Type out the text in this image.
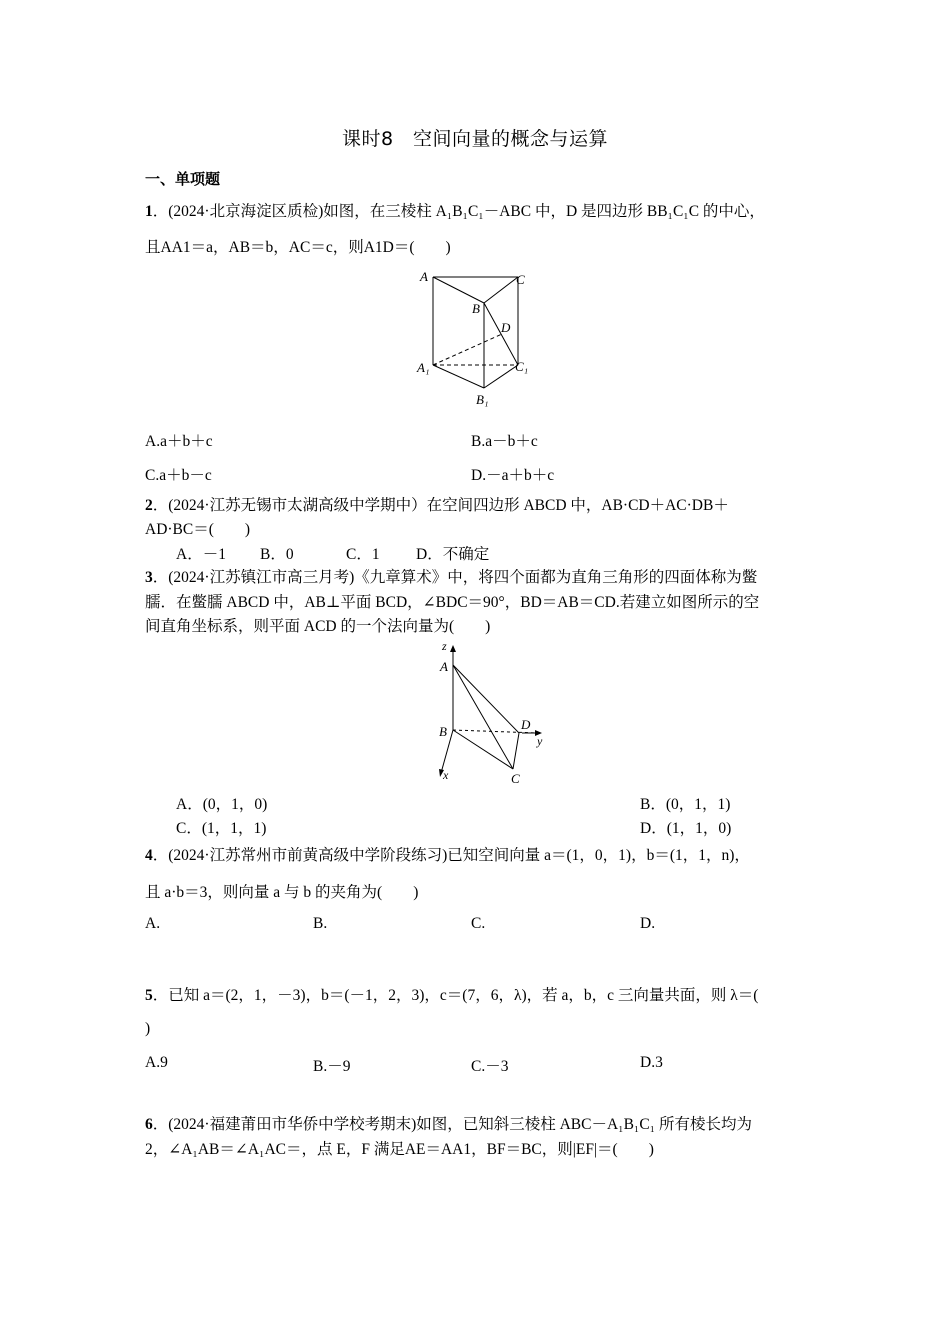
课时8　空间向量的概念与运算
一、单项题
1．(2024·北京海淀区质检)如图，在三棱柱 A₁B₁C₁－ABC 中，D 是四边形 BB₁C₁C 的中心，
且AA1＝a，AB＝b，AC＝c，则A1D＝(　　)
A	C
B
D
A₁	C₁
B₁
A.a＋b＋c	B.a－b＋c
C.a＋b－c	D.－a＋b＋c
2．(2024·江苏无锡市太湖高级中学期中）在空间四边形 ABCD 中，AB·CD＋AC·DB＋
AD·BC＝(　　)
A．－1 B．0	C．1 D．不确定
3．(2024·江苏镇江市高三月考)《九章算术》中，将四个面都为直角三角形的四面体称为鳖
臑．在鳖臑 ABCD 中，AB⊥平面 BCD，∠BDC＝90°，BD＝AB＝CD.若建立如图所示的空
间直角坐标系，则平面 ACD 的一个法向量为(　　)
z
A
B	D
y
x	C
A．(0，1，0)	B．(0，1，1)
C．(1，1，1)	D．(1，1，0)
4．(2024·江苏常州市前黄高级中学阶段练习)已知空间向量 a＝(1，0，1)，b＝(1，1，n)，
且 a·b＝3，则向量 a 与 b 的夹角为(　　)
A.	B.	C.	D.
5．已知 a＝(2，1，－3)，b＝(－1，2，3)，c＝(7，6，λ)，若 a，b，c 三向量共面，则 λ＝(
)
A.9	B.－9	C.－3	D.3
6．(2024·福建莆田市华侨中学校考期末)如图，已知斜三棱柱 ABC－A₁B₁C₁ 所有棱长均为
2，∠A₁AB＝∠A₁AC＝，点 E，F 满足AE＝AA1，BF＝BC，则|EF|＝(　　)
